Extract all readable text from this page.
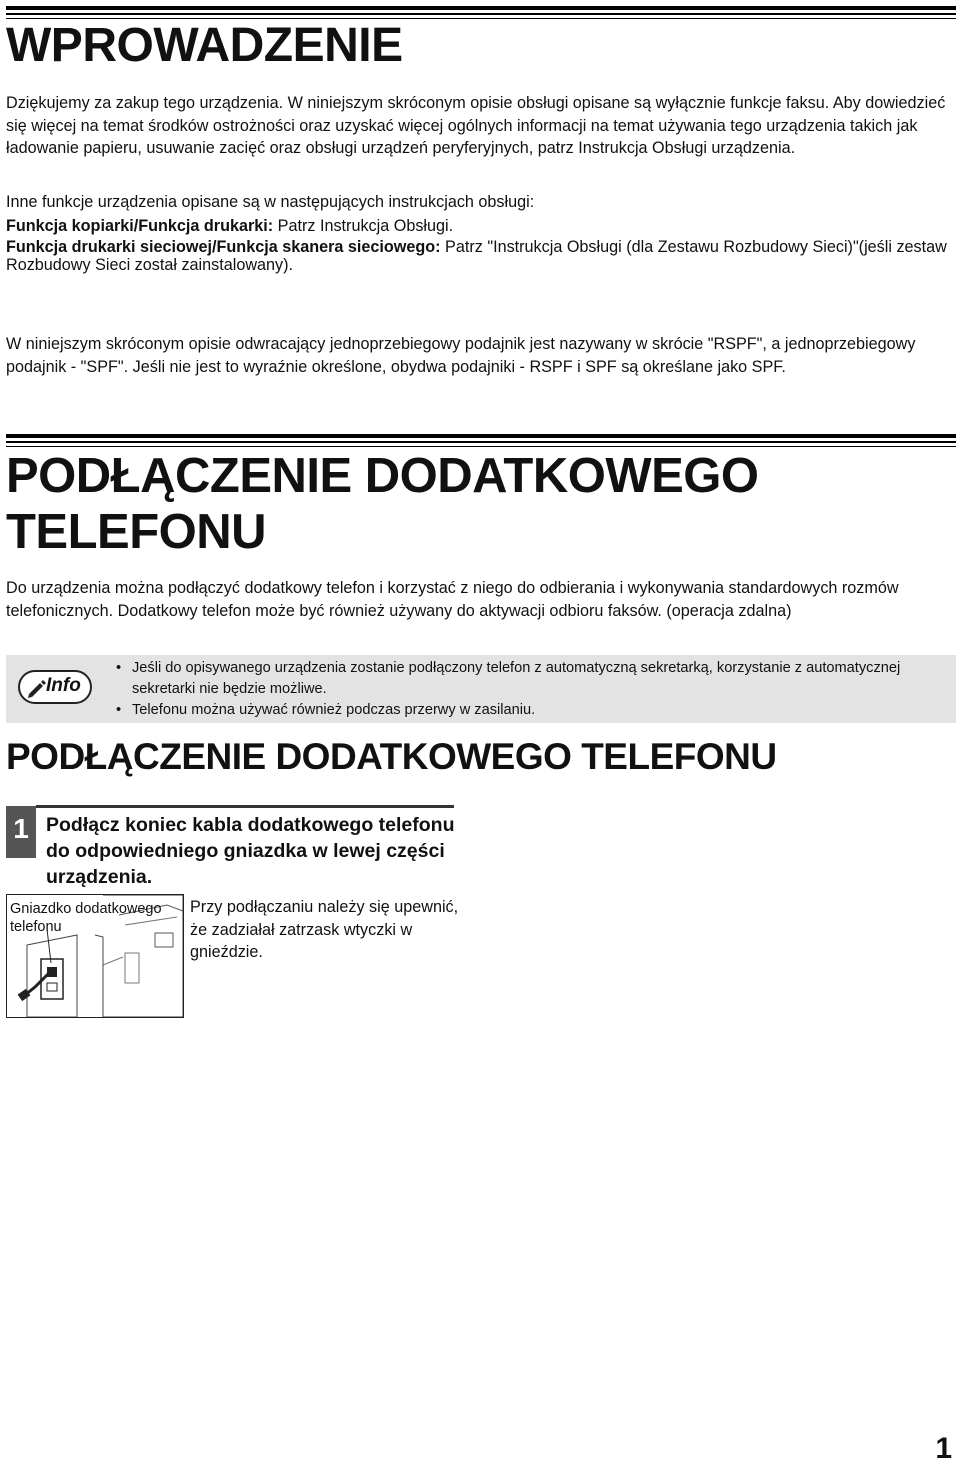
WPROWADZENIE

Dziękujemy za zakup tego urządzenia. W niniejszym skróconym opisie obsługi opisane są wyłącznie funkcje faksu. Aby dowiedzieć się więcej na temat środków ostrożności oraz uzyskać więcej ogólnych informacji na temat używania tego urządzenia takich jak ładowanie papieru, usuwanie zacięć oraz obsługi urządzeń peryferyjnych, patrz Instrukcja Obsługi urządzenia.

Inne funkcje urządzenia opisane są w następujących instrukcjach obsługi:

Funkcja kopiarki/Funkcja drukarki: Patrz Instrukcja Obsługi.

Funkcja drukarki sieciowej/Funkcja skanera sieciowego: Patrz "Instrukcja Obsługi (dla Zestawu Rozbudowy Sieci)"(jeśli zestaw Rozbudowy Sieci został zainstalowany).

W niniejszym skróconym opisie odwracający jednoprzebiegowy podajnik jest nazywany w skrócie "RSPF", a jednoprzebiegowy podajnik - "SPF". Jeśli nie jest to wyraźnie określone, obydwa podajniki - RSPF i SPF są określane jako SPF.

PODŁĄCZENIE DODATKOWEGO
TELEFONU

Do urządzenia można podłączyć dodatkowy telefon i korzystać z niego do odbierania i wykonywania standardowych rozmów telefonicznych. Dodatkowy telefon może być również używany do aktywacji odbioru faksów. (operacja zdalna)

Info
• Jeśli do opisywanego urządzenia zostanie podłączony telefon z automatyczną sekretarką, korzystanie z automatycznej sekretarki nie będzie możliwe.
• Telefonu można używać również podczas przerwy w zasilaniu.
PODŁĄCZENIE DODATKOWEGO TELEFONU
1 Podłącz koniec kabla dodatkowego telefonu do odpowiedniego gniazdka w lewej części urządzenia.
Gniazdko dodatkowego telefonu
Przy podłączaniu należy się upewnić, że zadziałał zatrzask wtyczki w gnieździe.
1
